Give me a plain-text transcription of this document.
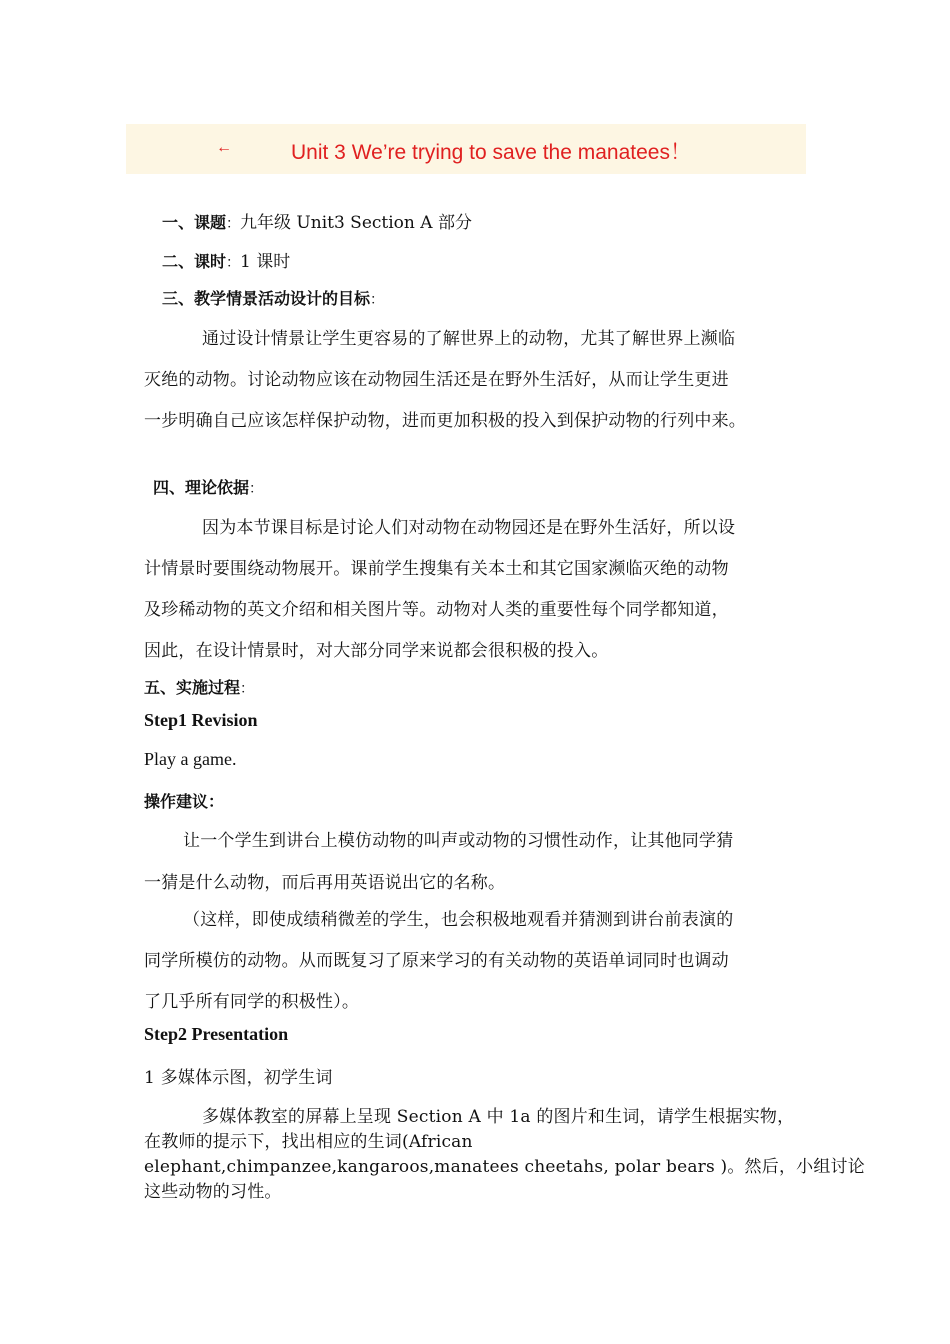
←	Unit 3 We’re trying to save the manatees！
一、课题：九年级 Unit3 Section A 部分
二、课时：1 课时
三、教学情景活动设计的目标：
通过设计情景让学生更容易的了解世界上的动物，尤其了解世界上濒临
灭绝的动物。讨论动物应该在动物园生活还是在野外生活好，从而让学生更进
一步明确自己应该怎样保护动物，进而更加积极的投入到保护动物的行列中来。
四、理论依据：
因为本节课目标是讨论人们对动物在动物园还是在野外生活好，所以设
计情景时要围绕动物展开。课前学生搜集有关本土和其它国家濒临灭绝的动物
及珍稀动物的英文介绍和相关图片等。动物对人类的重要性每个同学都知道，
因此，在设计情景时，对大部分同学来说都会很积极的投入。
五、实施过程：
Step1 Revision
Play a game.
操作建议：
让一个学生到讲台上模仿动物的叫声或动物的习惯性动作，让其他同学猜
一猜是什么动物，而后再用英语说出它的名称。
（这样，即使成绩稍微差的学生，也会积极地观看并猜测到讲台前表演的
同学所模仿的动物。从而既复习了原来学习的有关动物的英语单词同时也调动
了几乎所有同学的积极性）。
Step2 Presentation
1 多媒体示图，初学生词
多媒体教室的屏幕上呈现 Section A 中 1a 的图片和生词，请学生根据实物，
在教师的提示下，找出相应的生词(African
elephant,chimpanzee,kangaroos,manatees cheetahs, polar bears )。然后，小组讨论
这些动物的习性。
